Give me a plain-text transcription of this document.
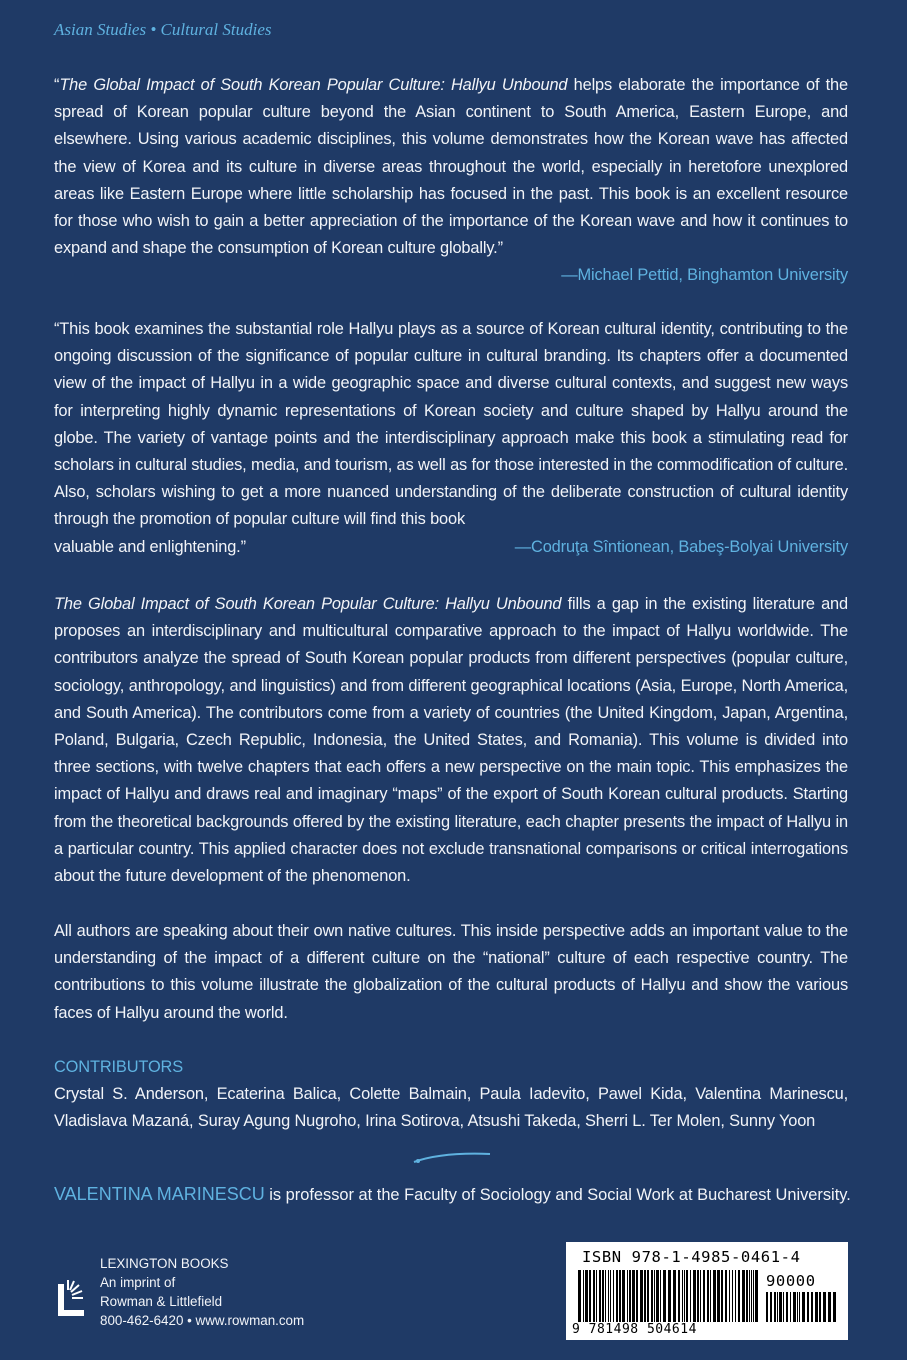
Asian Studies • Cultural Studies

“The Global Impact of South Korean Popular Culture: Hallyu Unbound helps elaborate the importance of the spread of Korean popular culture beyond the Asian continent to South America, Eastern Europe, and elsewhere. Using various academic disciplines, this volume demonstrates how the Korean wave has affected the view of Korea and its culture in diverse areas throughout the world, especially in heretofore unexplored areas like Eastern Europe where little scholarship has focused in the past. This book is an excellent resource for those who wish to gain a better appreciation of the importance of the Korean wave and how it continues to expand and shape the consumption of Korean culture globally.”

—Michael Pettid, Binghamton University

“This book examines the substantial role Hallyu plays as a source of Korean cultural identity, contributing to the ongoing discussion of the significance of popular culture in cultural branding. Its chapters offer a documented view of the impact of Hallyu in a wide geographic space and diverse cultural contexts, and suggest new ways for interpreting highly dynamic representations of Korean society and culture shaped by Hallyu around the globe. The variety of vantage points and the interdisciplinary approach make this book a stimulating read for scholars in cultural studies, media, and tourism, as well as for those interested in the commodification of culture. Also, scholars wishing to get a more nuanced understanding of the deliberate construction of cultural identity through the promotion of popular culture will find this book

valuable and enlightening.”	—Codruţa Sîntionean, Babeş-Bolyai University

The Global Impact of South Korean Popular Culture: Hallyu Unbound fills a gap in the existing literature and proposes an interdisciplinary and multicultural comparative approach to the impact of Hallyu worldwide. The contributors analyze the spread of South Korean popular products from different perspectives (popular culture, sociology, anthropology, and linguistics) and from different geographical locations (Asia, Europe, North America, and South America). The contributors come from a variety of countries (the United Kingdom, Japan, Argentina, Poland, Bulgaria, Czech Republic, Indonesia, the United States, and Romania). This volume is divided into three sections, with twelve chapters that each offers a new perspective on the main topic. This emphasizes the impact of Hallyu and draws real and imaginary “maps” of the export of South Korean cultural products. Starting from the theoretical backgrounds offered by the existing literature, each chapter presents the impact of Hallyu in a particular country. This applied character does not exclude transnational comparisons or critical interrogations about the future development of the phenomenon.

All authors are speaking about their own native cultures. This inside perspective adds an important value to the understanding of the impact of a different culture on the “national” culture of each respective country. The contributions to this volume illustrate the globalization of the cultural products of Hallyu and show the various faces of Hallyu around the world.

CONTRIBUTORS

Crystal S. Anderson, Ecaterina Balica, Colette Balmain, Paula Iadevito, Pawel Kida, Valentina Marinescu, Vladislava Mazaná, Suray Agung Nugroho, Irina Sotirova, Atsushi Takeda, Sherri L. Ter Molen, Sunny Yoon

VALENTINA MARINESCU is professor at the Faculty of Sociology and Social Work at Bucharest University.
LEXINGTON BOOKS
An imprint of
Rowman & Littlefield
800-462-6420 • www.rowman.com
ISBN 978-1-4985-0461-4
90000
9 781498 504614
